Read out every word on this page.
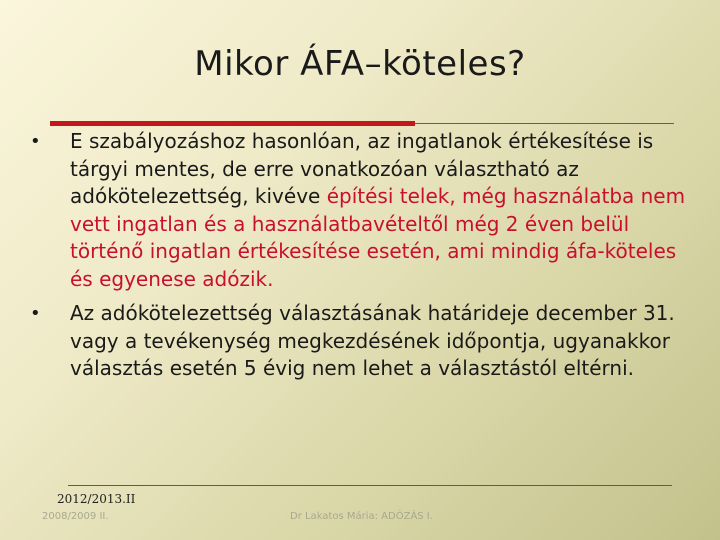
Mikor ÁFA–köteles?
• E szabályozáshoz hasonlóan, az ingatlanok értékesítése is tárgyi mentes, de erre vonatkozóan választható az adókötelezettség, kivéve építési telek, még használatba nem vett ingatlan és a használatbavételtől még 2 éven belül történő ingatlan értékesítése esetén, ami mindig áfa-köteles és egyenese adózik.
• Az adókötelezettség választásának határideje december 31. vagy a tevékenység megkezdésének időpontja, ugyanakkor választás esetén 5 évig nem lehet a választástól eltérni.
2012/2013.II
2008/2009 II.	Dr Lakatos Mária: ADÓZÁS I.
